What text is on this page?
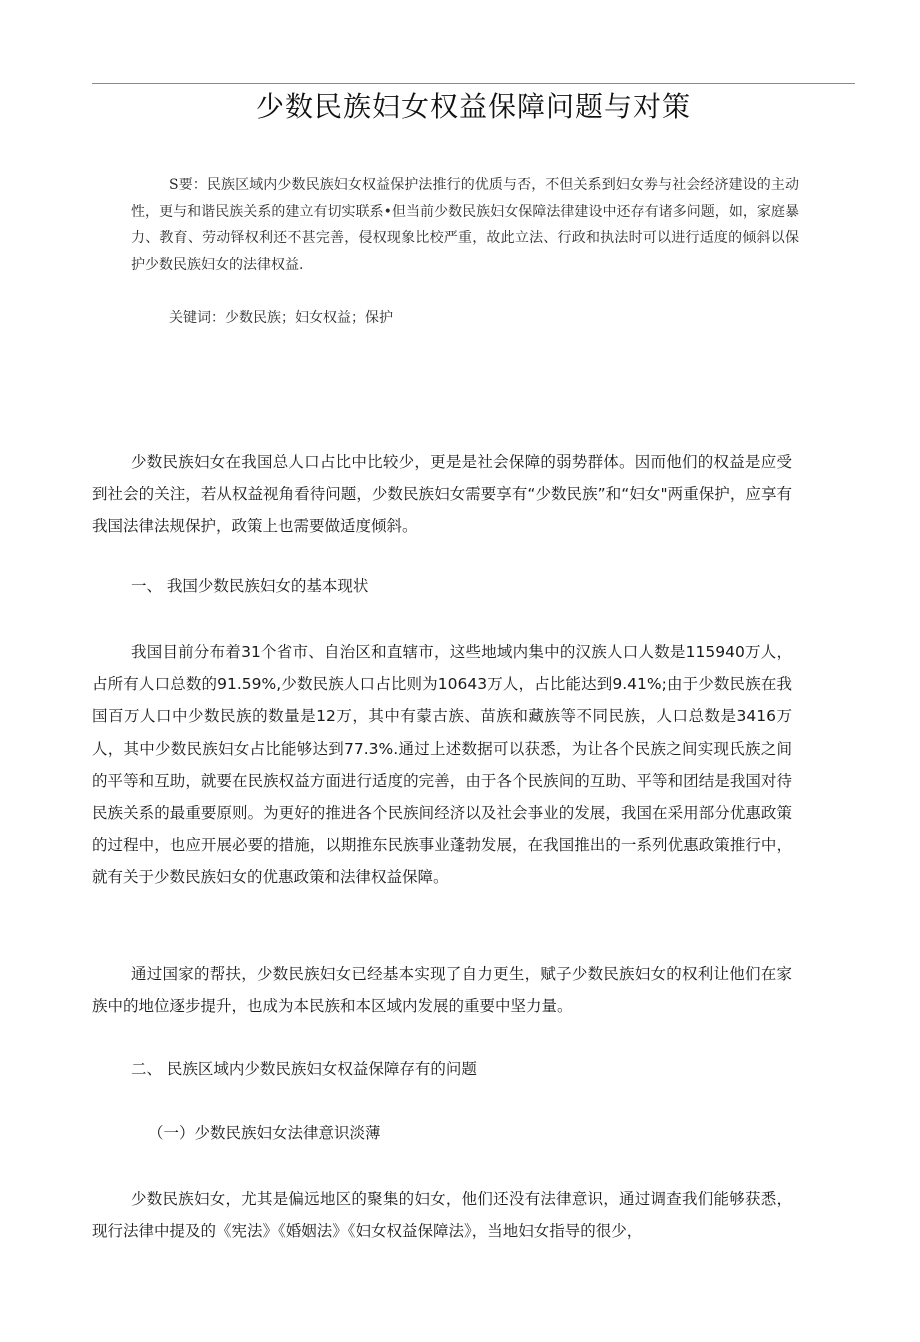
少数民族妇女权益保障问题与对策

S要：民族区域内少数民族妇女权益保护法推行的优质与否，不但关系到妇女劵与社会经济建设的主动性，更与和谐民族关系的建立有切实联系•但当前少数民族妇女保障法律建设中还存有诸多问题，如，家庭暴力、教育、劳动铎权利还不甚完善，侵权现象比校严重，故此立法、行政和执法时可以进行适度的倾斜以保护少数民族妇女的法律权益.

关键词：少数民族；妇女权益；保护

少数民族妇女在我国总人口占比中比较少，更是是社会保障的弱势群体。因而他们的权益是应受到社会的关注，若从权益视角看待问题，少数民族妇女需要享有“少数民族”和“妇女"两重保护，应享有我国法律法规保护，政策上也需要做适度倾斜。

一、 我国少数民族妇女的基本现状

我国目前分布着31个省市、自治区和直辖市，这些地域内集中的汉族人口人数是115940万人，占所有人口总数的91.59%,少数民族人口占比则为10643万人，占比能达到9.41%;由于少数民族在我国百万人口中少数民族的数量是12万，其中有蒙古族、苗族和藏族等不同民族，人口总数是3416万人，其中少数民族妇女占比能够达到77.3%.通过上述数据可以获悉，为让各个民族之间实现氏族之间的平等和互助，就要在民族权益方面进行适度的完善，由于各个民族间的互助、平等和团结是我国对待民族关系的最重要原则。为更好的推进各个民族间经济以及社会亊业的发展，我国在采用部分优惠政策的过程中，也应开展必要的措施，以期推东民族事业蓬勃发展，在我国推出的一系列优惠政策推行中，就有关于少数民族妇女的优惠政策和法律权益保障。

通过国家的帮扶，少数民族妇女已经基本实现了自力更生，赋子少数民族妇女的权利让他们在家族中的地位逐步提升，也成为本民族和本区域内发展的重要中坚力量。

二、 民族区域内少数民族妇女权益保障存有的问题
（一）少数民族妇女法律意识淡薄

少数民族妇女，尤其是偏远地区的聚集的妇女，他们还没有法律意识，通过调查我们能够获悉，现行法律中提及的《宪法》《婚姻法》《妇女权益保障法》，当地妇女指导的很少，
